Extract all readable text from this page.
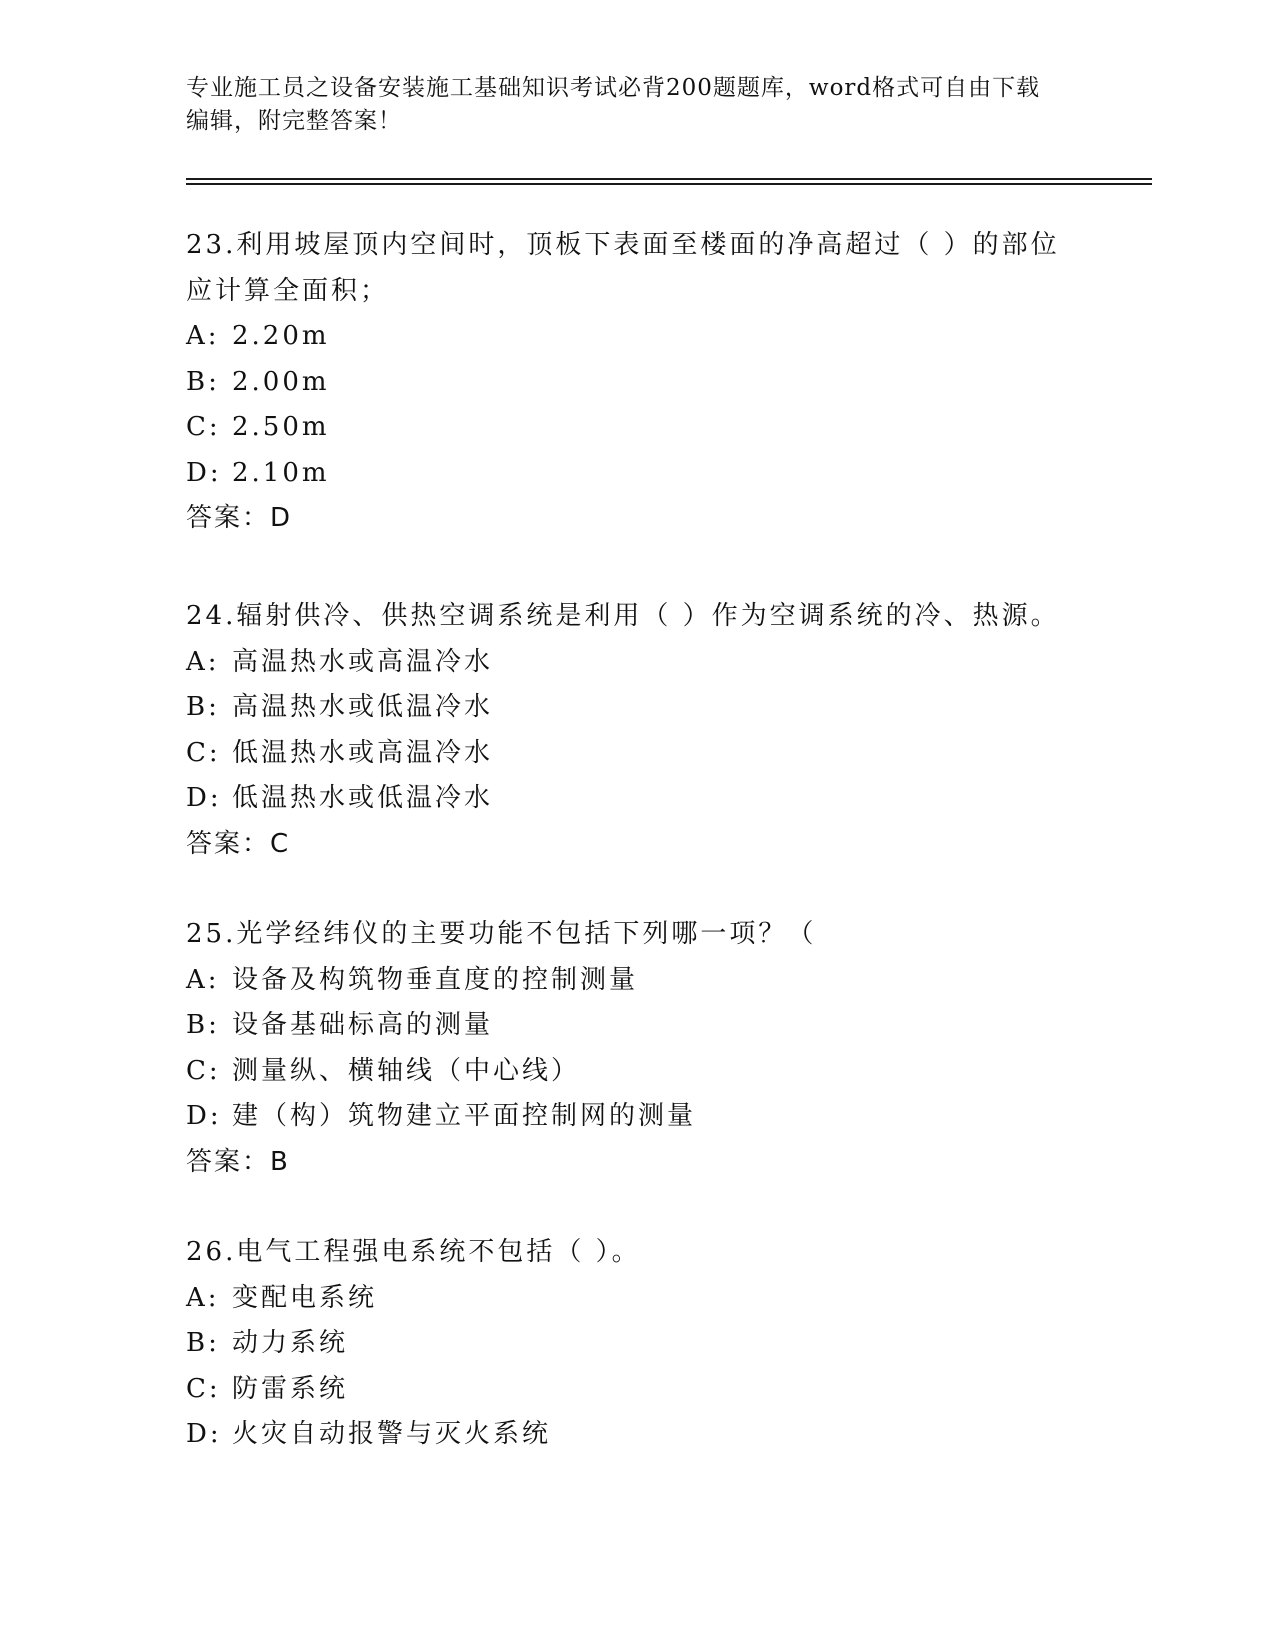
专业施工员之设备安装施工基础知识考试必背200题题库，word格式可自由下载

编辑，附完整答案！

23.利用坡屋顶内空间时，顶板下表面至楼面的净高超过（ ）的部位
应计算全面积；
A: 2.20m
B: 2.00m
C: 2.50m
D: 2.10m
答案：D
24.辐射供冷、供热空调系统是利用（ ）作为空调系统的冷、热源。
A: 高温热水或高温冷水
B: 高温热水或低温冷水
C: 低温热水或高温冷水
D: 低温热水或低温冷水
答案：C
25.光学经纬仪的主要功能不包括下列哪一项？（
A: 设备及构筑物垂直度的控制测量
B: 设备基础标高的测量
C: 测量纵、横轴线（中心线）
D: 建（构）筑物建立平面控制网的测量
答案：B
26.电气工程强电系统不包括（ ）。
A: 变配电系统
B: 动力系统
C: 防雷系统
D: 火灾自动报警与灭火系统
